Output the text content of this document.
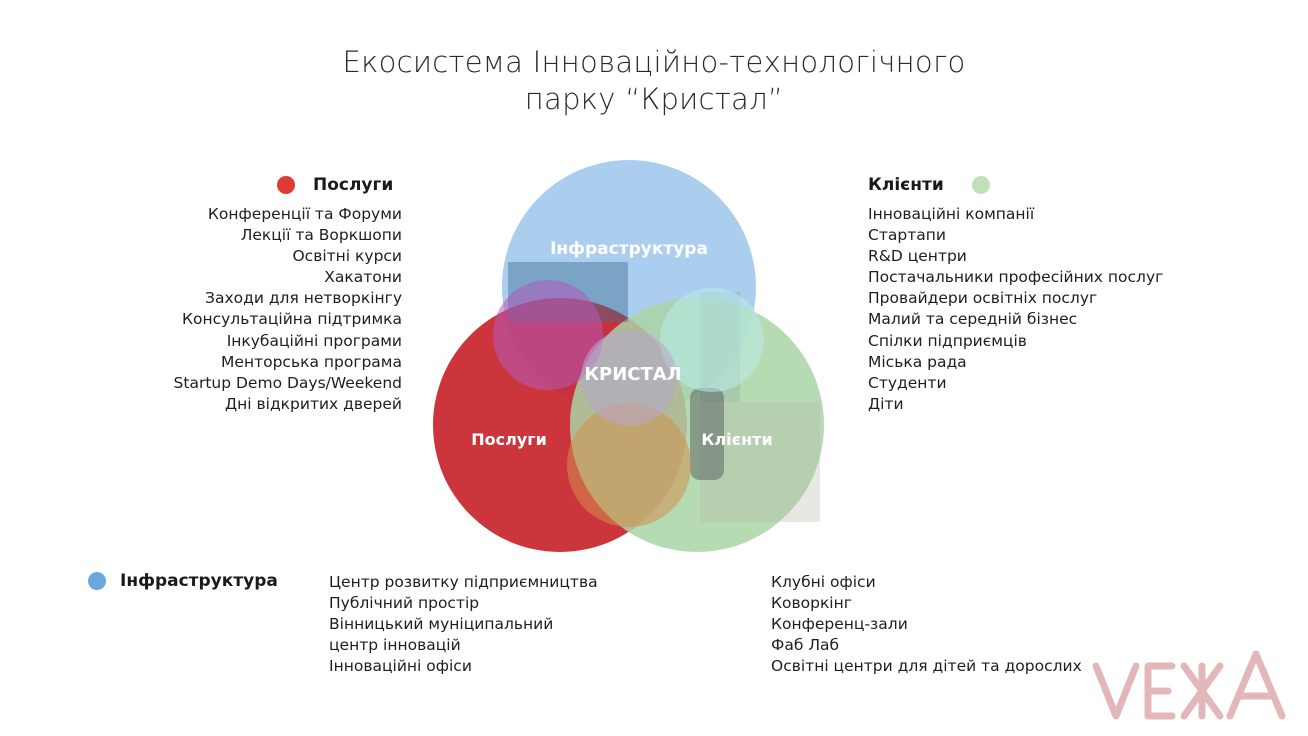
Екосистема Інноваційно-технологічного
парку “Кристал”
Інфраструктура
КРИСТАЛ
Послуги	Клієнти
Послуги
Конференції та Форуми
Лекції та Воркшопи
Освітні курси
Хакатони
Заходи для нетворкінгу
Консультаційна підтримка
Інкубаційні програми
Менторська програма
Startup Demo Days/Weekend
Дні відкритих дверей
Клієнти
Інноваційні компанії
Стартапи
R&D центри
Постачальники професійних послуг
Провайдери освітніх послуг
Малий та середній бізнес
Спілки підприємців
Міська рада
Студенти
Діти
Інфраструктура	Центр розвитку підприємництва
Публічний простір
Вінницький муніципальний
центр інновацій
Інноваційні офіси
Клубні офіси
Коворкінг
Конференц-зали
Фаб Лаб
Освітні центри для дітей та дорослих
